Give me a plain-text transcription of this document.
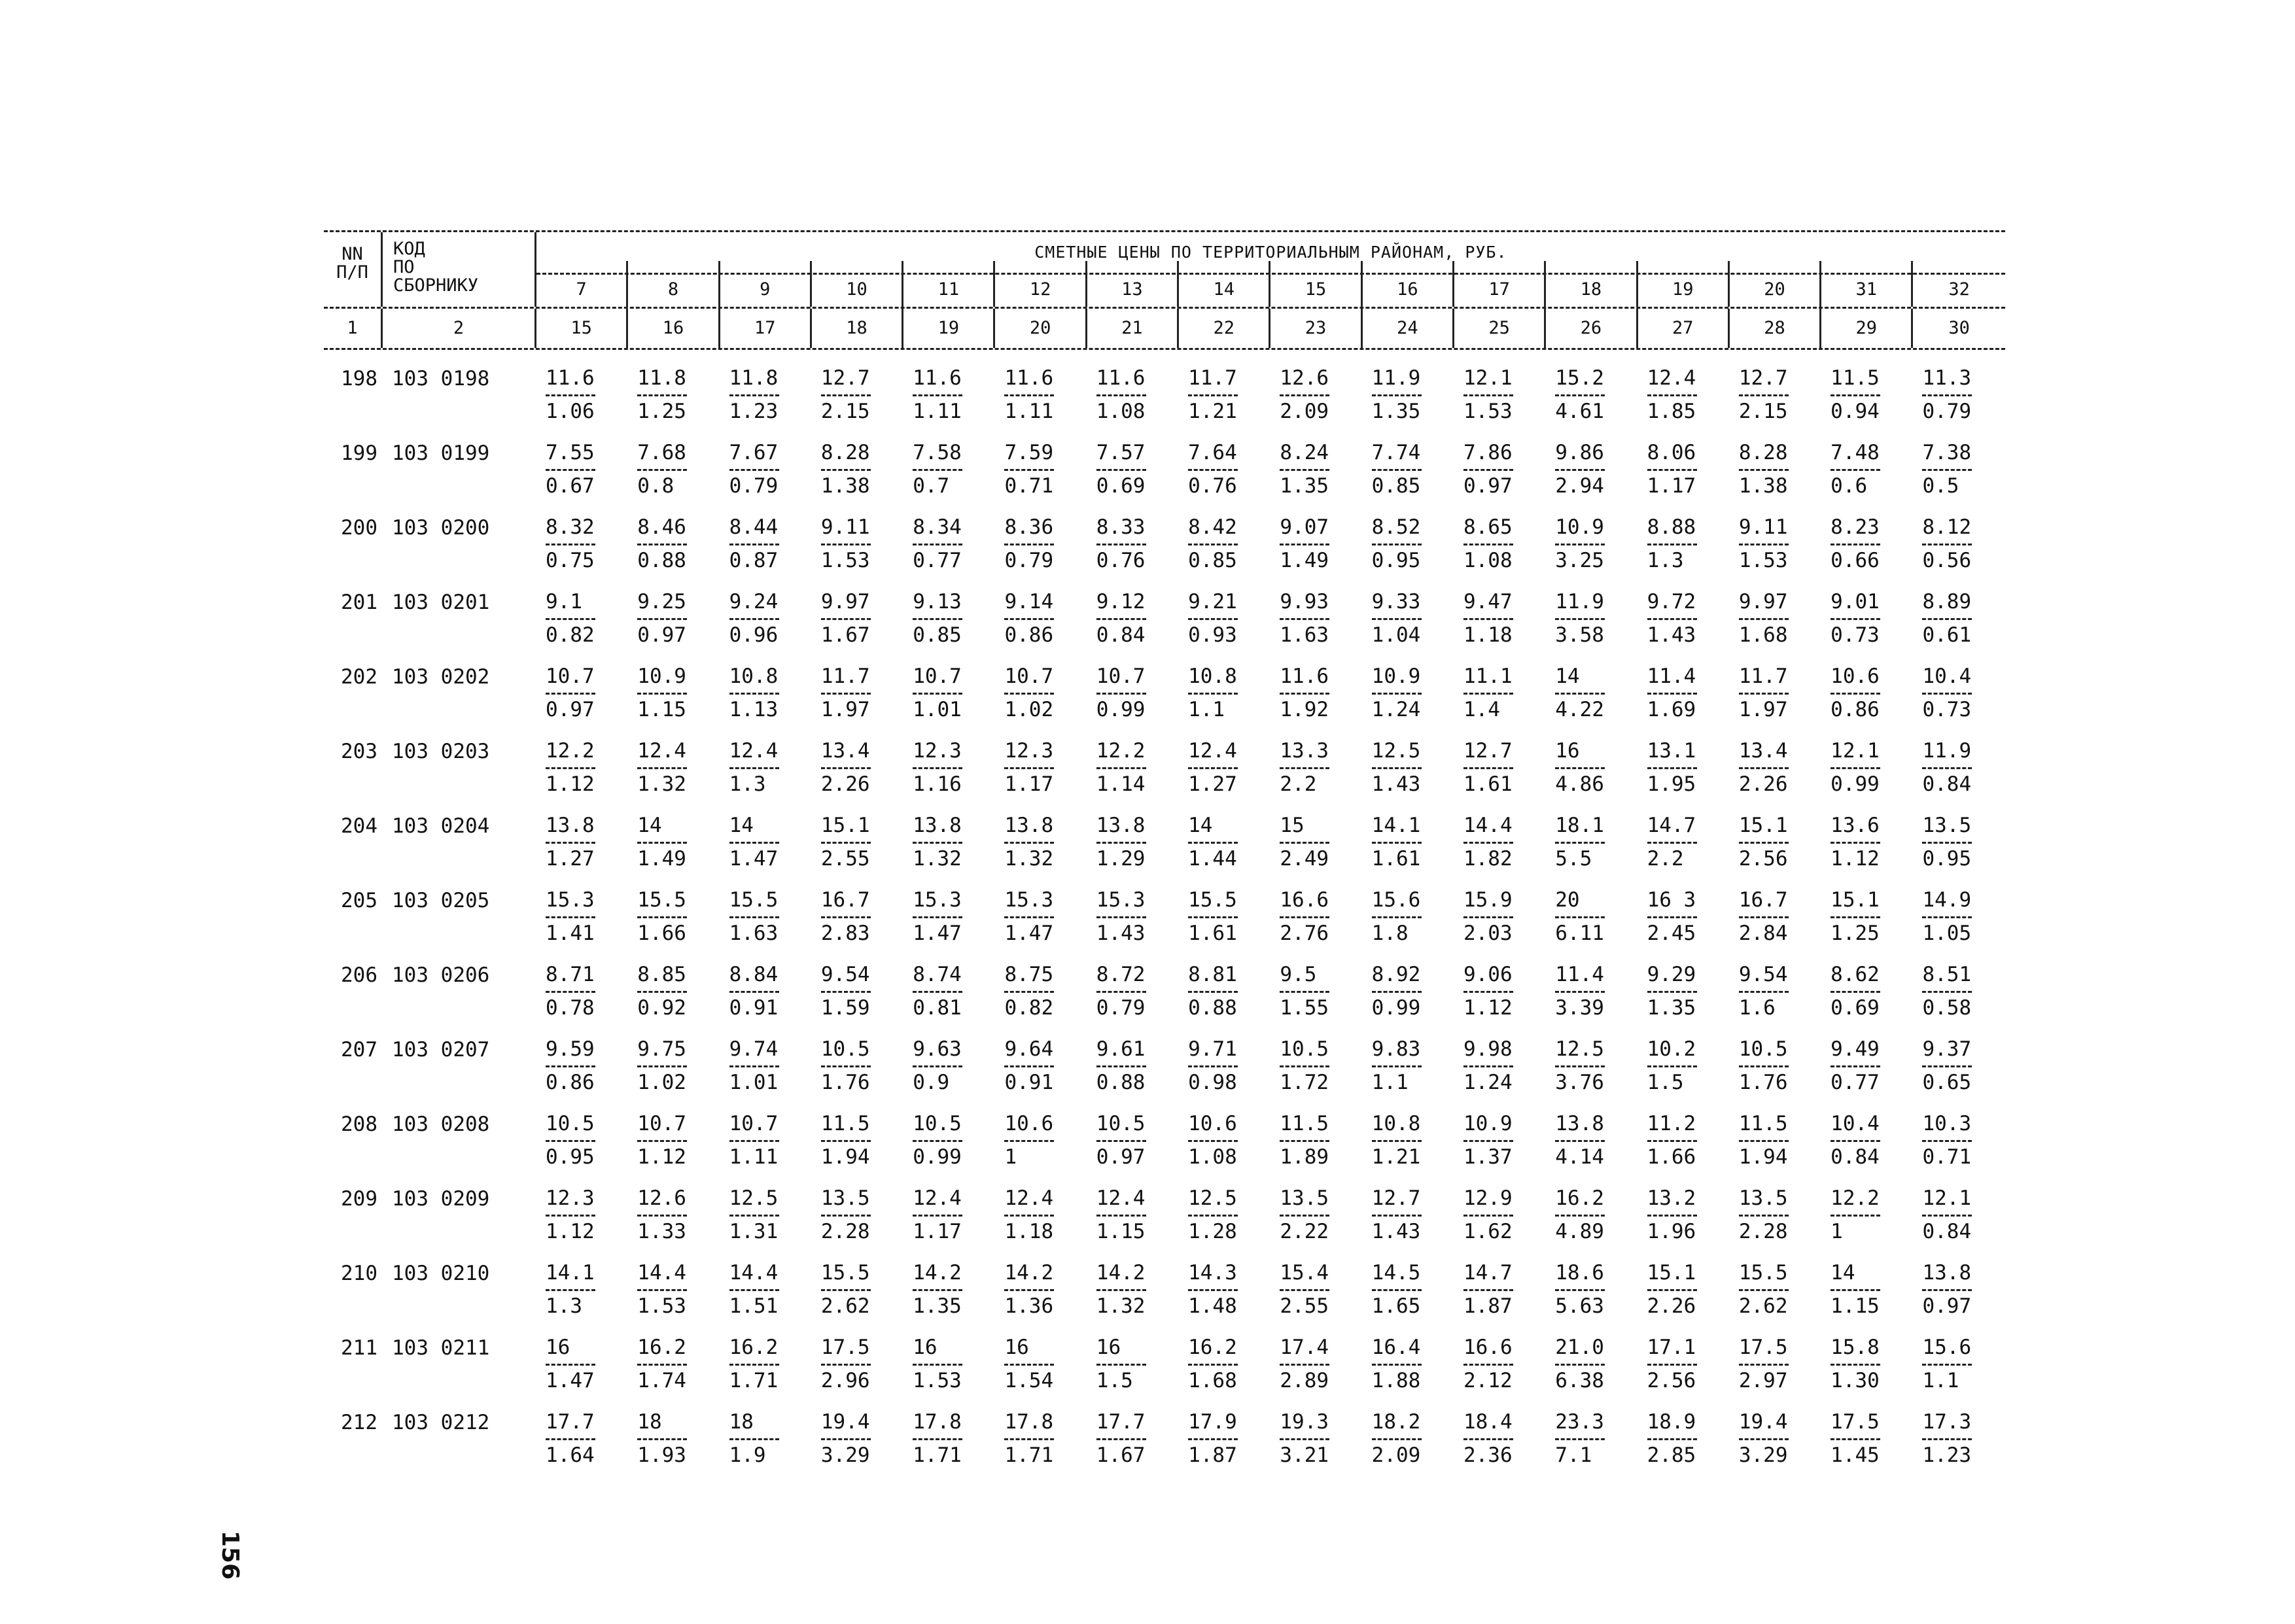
NN
П/П
КОД
ПО
СБОРНИКУ
СМЕТНЫЕ ЦЕНЫ ПО ТЕРРИТОРИАЛЬНЫМ РАЙОНАМ, РУБ.
7	8	9	10	11	12	13	14	15	16	17	18	19	20	31	32
1	2	15	16	17	18	19	20	21	22	23	24	25	26	27	28	29	30
198 103 0198	$\frac{11.6}{1.06} \frac{11.8}{1.25} \frac{11.8}{1.23} \frac{12.7}{2.15} \frac{11.6}{1.11} \frac{11.6}{1.11} \frac{11.6}{1.08} \frac{11.7}{1.21} \frac{12.6}{2.09} \frac{11.9}{1.35} \frac{12.1}{1.53} \frac{15.2}{4.61} \frac{12.4}{1.85} \frac{12.7}{2.15} \frac{11.5}{0.94} \frac{11.3}{0.79}$
199 103 0199	$\frac{7.55}{0.67} \frac{7.68}{0.8} \frac{7.67}{0.79} \frac{8.28}{1.38} \frac{7.58}{0.7} \frac{7.59}{0.71} \frac{7.57}{0.69} \frac{7.64}{0.76} \frac{8.24}{1.35} \frac{7.74}{0.85} \frac{7.86}{0.97} \frac{9.86}{2.94} \frac{8.06}{1.17} \frac{8.28}{1.38} \frac{7.48}{0.6} \frac{7.38}{0.5}$
200 103 0200	$\frac{8.32}{0.75} \frac{8.46}{0.88} \frac{8.44}{0.87} \frac{9.11}{1.53} \frac{8.34}{0.77} \frac{8.36}{0.79} \frac{8.33}{0.76} \frac{8.42}{0.85} \frac{9.07}{1.49} \frac{8.52}{0.95} \frac{8.65}{1.08} \frac{10.9}{3.25} \frac{8.88}{1.3} \frac{9.11}{1.53} \frac{8.23}{0.66} \frac{8.12}{0.56}$
201 103 0201	$\frac{9.1}{0.82} \frac{9.25}{0.97} \frac{9.24}{0.96} \frac{9.97}{1.67} \frac{9.13}{0.85} \frac{9.14}{0.86} \frac{9.12}{0.84} \frac{9.21}{0.93} \frac{9.93}{1.63} \frac{9.33}{1.04} \frac{9.47}{1.18} \frac{11.9}{3.58} \frac{9.72}{1.43} \frac{9.97}{1.68} \frac{9.01}{0.73} \frac{8.89}{0.61}$
202 103 0202	$\frac{10.7}{0.97} \frac{10.9}{1.15} \frac{10.8}{1.13} \frac{11.7}{1.97} \frac{10.7}{1.01} \frac{10.7}{1.02} \frac{10.7}{0.99} \frac{10.8}{1.1} \frac{11.6}{1.92} \frac{10.9}{1.24} \frac{11.1}{1.4} \frac{14}{4.22} \frac{11.4}{1.69} \frac{11.7}{1.97} \frac{10.6}{0.86} \frac{10.4}{0.73}$
203 103 0203	$\frac{12.2}{1.12} \frac{12.4}{1.32} \frac{12.4}{1.3} \frac{13.4}{2.26} \frac{12.3}{1.16} \frac{12.3}{1.17} \frac{12.2}{1.14} \frac{12.4}{1.27} \frac{13.3}{2.2} \frac{12.5}{1.43} \frac{12.7}{1.61} \frac{16}{4.86} \frac{13.1}{1.95} \frac{13.4}{2.26} \frac{12.1}{0.99} \frac{11.9}{0.84}$
204 103 0204	$\frac{13.8}{1.27} \frac{14}{1.49} \frac{14}{1.47} \frac{15.1}{2.55} \frac{13.8}{1.32} \frac{13.8}{1.32} \frac{13.8}{1.29} \frac{14}{1.44} \frac{15}{2.49} \frac{14.1}{1.61} \frac{14.4}{1.82} \frac{18.1}{5.5} \frac{14.7}{2.2} \frac{15.1}{2.56} \frac{13.6}{1.12} \frac{13.5}{0.95}$
205 103 0205	$\frac{15.3}{1.41} \frac{15.5}{1.66} \frac{15.5}{1.63} \frac{16.7}{2.83} \frac{15.3}{1.47} \frac{15.3}{1.47} \frac{15.3}{1.43} \frac{15.5}{1.61} \frac{16.6}{2.76} \frac{15.6}{1.8} \frac{15.9}{2.03} \frac{20}{6.11} \frac{16 3}{2.45} \frac{16.7}{2.84} \frac{15.1}{1.25} \frac{14.9}{1.05}$
206 103 0206	$\frac{8.71}{0.78} \frac{8.85}{0.92} \frac{8.84}{0.91} \frac{9.54}{1.59} \frac{8.74}{0.81} \frac{8.75}{0.82} \frac{8.72}{0.79} \frac{8.81}{0.88} \frac{9.5}{1.55} \frac{8.92}{0.99} \frac{9.06}{1.12} \frac{11.4}{3.39} \frac{9.29}{1.35} \frac{9.54}{1.6} \frac{8.62}{0.69} \frac{8.51}{0.58}$
207 103 0207	$\frac{9.59}{0.86} \frac{9.75}{1.02} \frac{9.74}{1.01} \frac{10.5}{1.76} \frac{9.63}{0.9} \frac{9.64}{0.91} \frac{9.61}{0.88} \frac{9.71}{0.98} \frac{10.5}{1.72} \frac{9.83}{1.1} \frac{9.98}{1.24} \frac{12.5}{3.76} \frac{10.2}{1.5} \frac{10.5}{1.76} \frac{9.49}{0.77} \frac{9.37}{0.65}$
208 103 0208	$\frac{10.5}{0.95} \frac{10.7}{1.12} \frac{10.7}{1.11} \frac{11.5}{1.94} \frac{10.5}{0.99} \frac{10.6}{1} \frac{10.5}{0.97} \frac{10.6}{1.08} \frac{11.5}{1.89} \frac{10.8}{1.21} \frac{10.9}{1.37} \frac{13.8}{4.14} \frac{11.2}{1.66} \frac{11.5}{1.94} \frac{10.4}{0.84} \frac{10.3}{0.71}$
209 103 0209	$\frac{12.3}{1.12} \frac{12.6}{1.33} \frac{12.5}{1.31} \frac{13.5}{2.28} \frac{12.4}{1.17} \frac{12.4}{1.18} \frac{12.4}{1.15} \frac{12.5}{1.28} \frac{13.5}{2.22} \frac{12.7}{1.43} \frac{12.9}{1.62} \frac{16.2}{4.89} \frac{13.2}{1.96} \frac{13.5}{2.28} \frac{12.2}{1} \frac{12.1}{0.84}$
210 103 0210	$\frac{14.1}{1.3} \frac{14.4}{1.53} \frac{14.4}{1.51} \frac{15.5}{2.62} \frac{14.2}{1.35} \frac{14.2}{1.36} \frac{14.2}{1.32} \frac{14.3}{1.48} \frac{15.4}{2.55} \frac{14.5}{1.65} \frac{14.7}{1.87} \frac{18.6}{5.63} \frac{15.1}{2.26} \frac{15.5}{2.62} \frac{14}{1.15} \frac{13.8}{0.97}$
211 103 0211	$\frac{16}{1.47} \frac{16.2}{1.74} \frac{16.2}{1.71} \frac{17.5}{2.96} \frac{16}{1.53} \frac{16}{1.54} \frac{16}{1.5} \frac{16.2}{1.68} \frac{17.4}{2.89} \frac{16.4}{1.88} \frac{16.6}{2.12} \frac{21.0}{6.38} \frac{17.1}{2.56} \frac{17.5}{2.97} \frac{15.8}{1.30} \frac{15.6}{1.1}$
212 103 0212	$\frac{17.7}{1.64} \frac{18}{1.93} \frac{18}{1.9} \frac{19.4}{3.29} \frac{17.8}{1.71} \frac{17.8}{1.71} \frac{17.7}{1.67} \frac{17.9}{1.87} \frac{19.3}{3.21} \frac{18.2}{2.09} \frac{18.4}{2.36} \frac{23.3}{7.1} \frac{18.9}{2.85} \frac{19.4}{3.29} \frac{17.5}{1.45} \frac{17.3}{1.23}$
156
